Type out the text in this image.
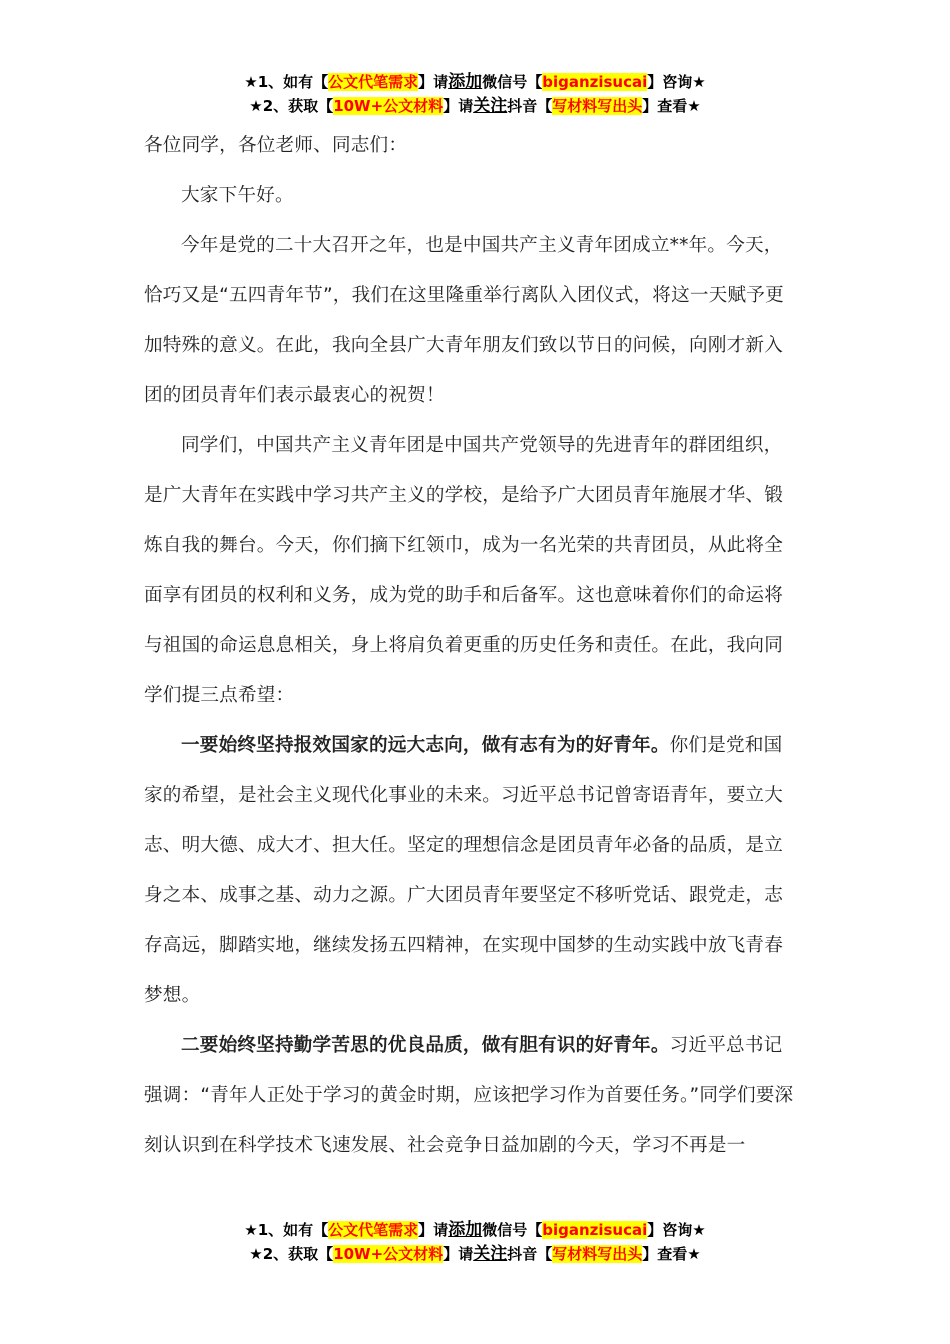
★1、如有【公文代笔需求】请添加微信号【biganzisucai】咨询★
★2、获取【10W+公文材料】请关注抖音【写材料写出头】查看★

各位同学，各位老师、同志们：

大家下午好。

今年是党的二十大召开之年，也是中国共产主义青年团成立**年。今天，恰巧又是“五四青年节”，我们在这里隆重举行离队入团仪式，将这一天赋予更加特殊的意义。在此，我向全县广大青年朋友们致以节日的问候，向刚才新入团的团员青年们表示最衷心的祝贺！

同学们，中国共产主义青年团是中国共产党领导的先进青年的群团组织，是广大青年在实践中学习共产主义的学校，是给予广大团员青年施展才华、锻炼自我的舞台。今天，你们摘下红领巾，成为一名光荣的共青团员，从此将全面享有团员的权利和义务，成为党的助手和后备军。这也意味着你们的命运将与祖国的命运息息相关，身上将肩负着更重的历史任务和责任。在此，我向同学们提三点希望：

一要始终坚持报效国家的远大志向，做有志有为的好青年。你们是党和国家的希望，是社会主义现代化事业的未来。习近平总书记曾寄语青年，要立大志、明大德、成大才、担大任。坚定的理想信念是团员青年必备的品质，是立身之本、成事之基、动力之源。广大团员青年要坚定不移听党话、跟党走，志存高远，脚踏实地，继续发扬五四精神，在实现中国梦的生动实践中放飞青春梦想。

二要始终坚持勤学苦思的优良品质，做有胆有识的好青年。习近平总书记强调：“青年人正处于学习的黄金时期，应该把学习作为首要任务。”同学们要深刻认识到在科学技术飞速发展、社会竞争日益加剧的今天，学习不再是一

★1、如有【公文代笔需求】请添加微信号【biganzisucai】咨询★
★2、获取【10W+公文材料】请关注抖音【写材料写出头】查看★
